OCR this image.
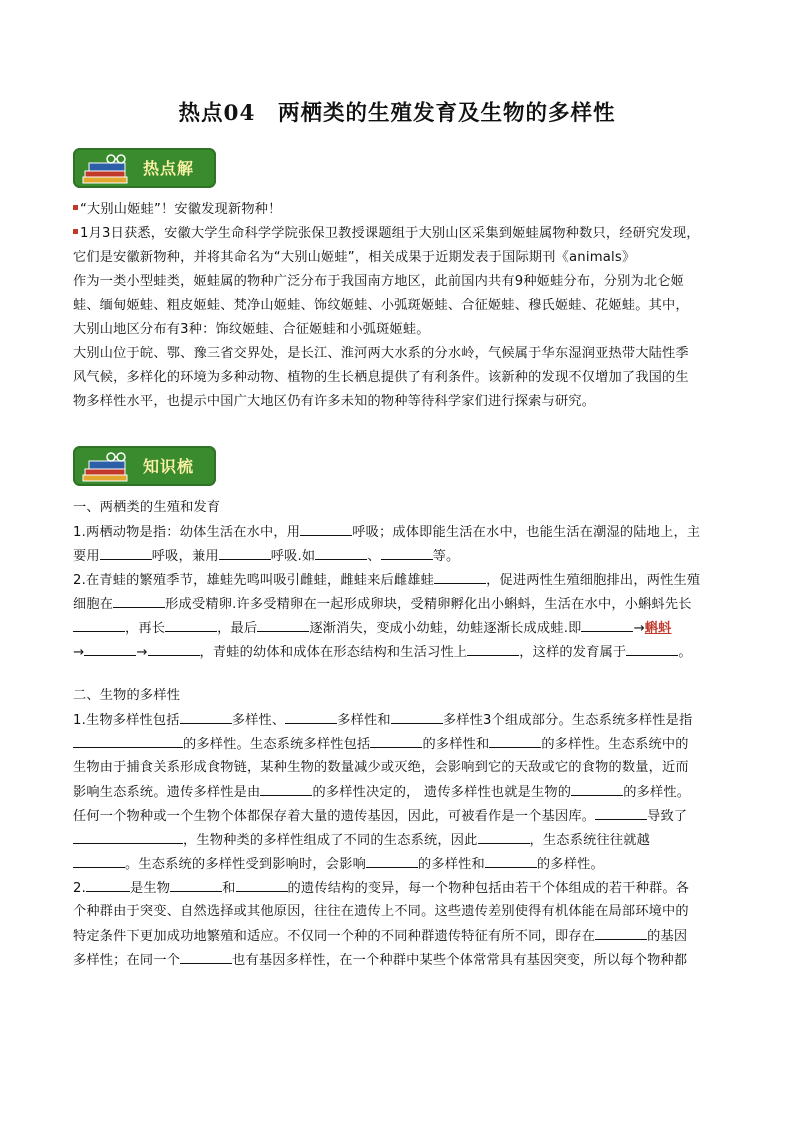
热点04　两栖类的生殖发育及生物的多样性
热点解
“大别山姬蛙”！安徽发现新物种！
1月3日获悉，安徽大学生命科学学院张保卫教授课题组于大别山区采集到姬蛙属物种数只，经研究发现，
它们是安徽新物种，并将其命名为“大别山姬蛙”，相关成果于近期发表于国际期刊《animals》
作为一类小型蛙类，姬蛙属的物种广泛分布于我国南方地区，此前国内共有9种姬蛙分布，分别为北仑姬
蛙、缅甸姬蛙、粗皮姬蛙、梵净山姬蛙、饰纹姬蛙、小弧斑姬蛙、合征姬蛙、穆氏姬蛙、花姬蛙。其中，
大别山地区分布有3种：饰纹姬蛙、合征姬蛙和小弧斑姬蛙。
大别山位于皖、鄂、豫三省交界处，是长江、淮河两大水系的分水岭，气候属于华东湿润亚热带大陆性季
风气候，多样化的环境为多种动物、植物的生长栖息提供了有利条件。该新种的发现不仅增加了我国的生
物多样性水平，也提示中国广大地区仍有许多未知的物种等待科学家们进行探索与研究。
知识梳
一、两栖类的生殖和发育
1.两栖动物是指：幼体生活在水中，用	呼吸；成体即能生活在水中，也能生活在潮湿的陆地上，主
要用	呼吸，兼用	呼吸.如	、	等。
2.在青蛙的繁殖季节，雄蛙先鸣叫吸引雌蛙，雌蛙来后雌雄蛙	，促进两性生殖细胞排出，两性生殖
细胞在	形成受精卵.许多受精卵在一起形成卵块，受精卵孵化出小蝌蚪，生活在水中，小蝌蚪先长
，再长	，最后	逐渐消失，变成小幼蛙，幼蛙逐渐长成成蛙.即	→蝌蚪
→	→	，青蛙的幼体和成体在形态结构和生活习性上	，这样的发育属于	。
二、生物的多样性
1.生物多样性包括	多样性、	多样性和	多样性3个组成部分。生态系统多样性是指
的多样性。生态系统多样性包括	的多样性和	的多样性。生态系统中的
生物由于捕食关系形成食物链，某种生物的数量减少或灭绝，会影响到它的天敌或它的食物的数量，近而
影响生态系统。遗传多样性是由	的多样性决定的， 遗传多样性也就是生物的	的多样性。
任何一个物种或一个生物个体都保存着大量的遗传基因，因此，可被看作是一个基因库。	导致了
，生物种类的多样性组成了不同的生态系统，因此	，生态系统往往就越
。生态系统的多样性受到影响时，会影响	的多样性和	的多样性。
2.	是生物	和	的遗传结构的变异，每一个物种包括由若干个体组成的若干种群。各
个种群由于突变、自然选择或其他原因，往往在遗传上不同。这些遗传差别使得有机体能在局部环境中的
特定条件下更加成功地繁殖和适应。不仅同一个种的不同种群遗传特征有所不同，即存在	的基因
多样性；在同一个	也有基因多样性，在一个种群中某些个体常常具有基因突变，所以每个物种都
